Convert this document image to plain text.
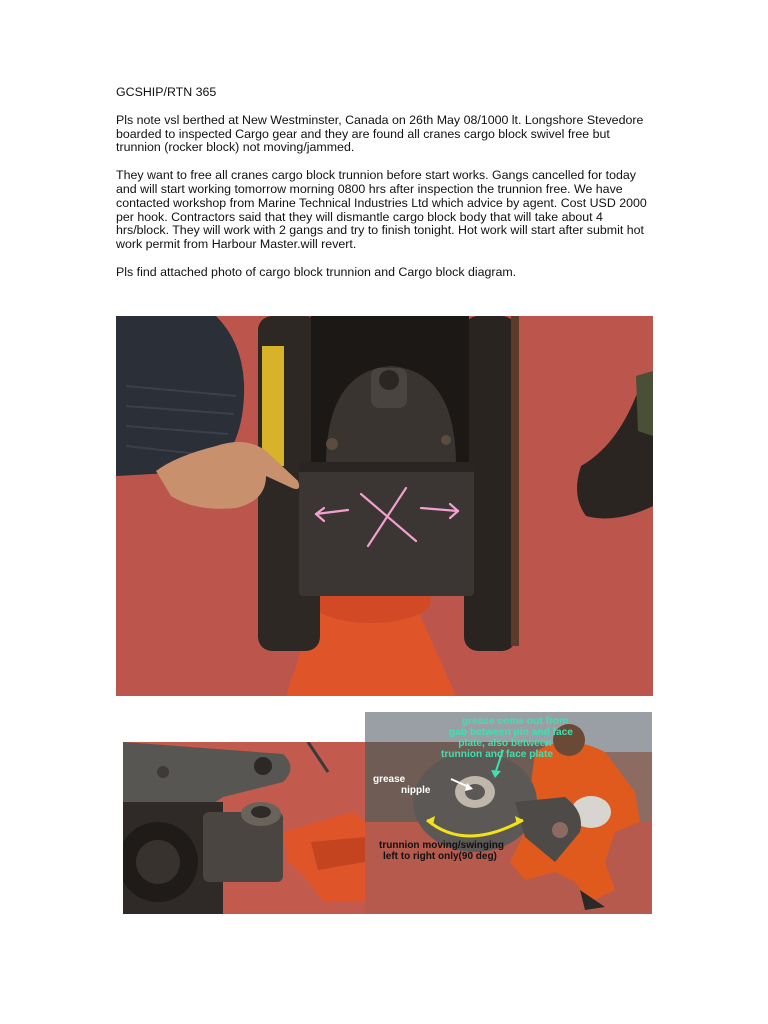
GCSHIP/RTN 365

Pls note vsl berthed at New Westminster, Canada on 26th May 08/1000 lt. Longshore Stevedore boarded to inspected Cargo gear and they are found all cranes cargo block swivel free but trunnion (rocker block) not moving/jammed.

They want to free all cranes cargo block trunnion before start works. Gangs cancelled for today and will start working tomorrow morning 0800 hrs after inspection the trunnion free. We have contacted workshop from Marine Technical Industries Ltd which advice by agent. Cost USD 2000 per hook. Contractors said that they will dismantle cargo block body that will take about 4 hrs/block. They will work with 2 gangs and try to finish tonight. Hot work will start after submit hot work permit from Harbour Master.will revert.

Pls find attached photo of cargo block trunnion and Cargo block diagram.

grease come out from
gab between pin and face
plate, also between
trunnion and face plate
grease
nipple
trunnion moving/swinging
left to right only(90 deg)
